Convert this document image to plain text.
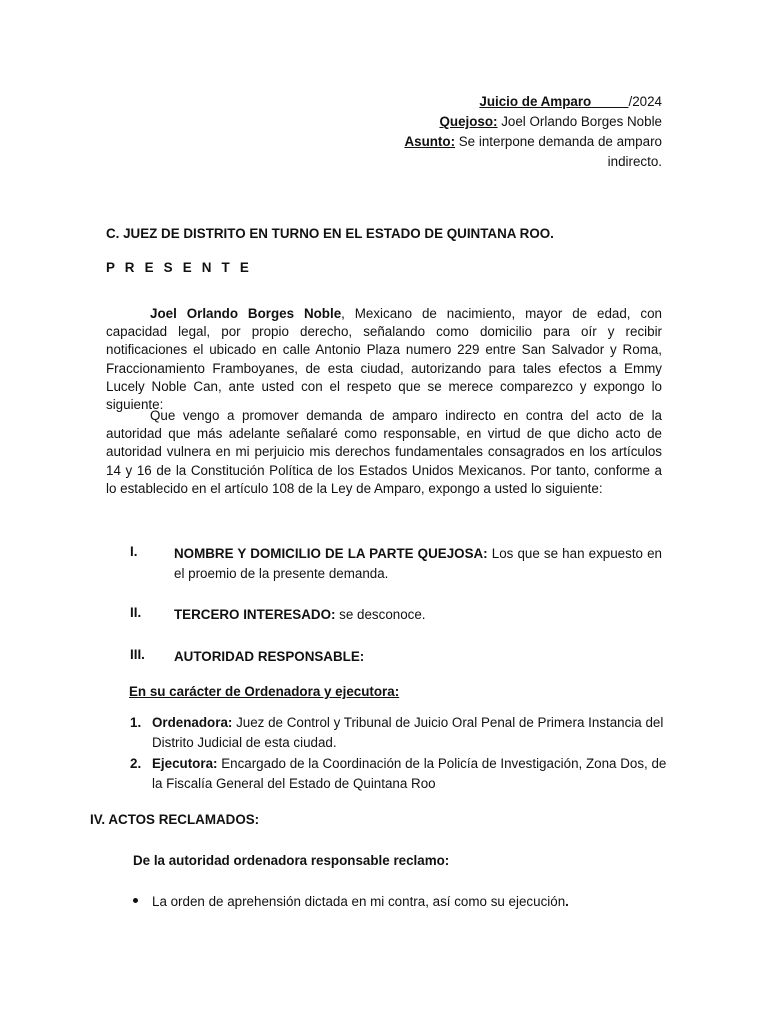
Juicio de Amparo_____/2024
Quejoso: Joel Orlando Borges Noble
Asunto: Se interpone demanda de amparo
indirecto.
C. JUEZ DE DISTRITO EN TURNO EN EL ESTADO DE QUINTANA ROO.
P R E S E N T E
Joel Orlando Borges Noble, Mexicano de nacimiento, mayor de edad, con capacidad legal, por propio derecho, señalando como domicilio para oír y recibir notificaciones el ubicado en calle Antonio Plaza numero 229 entre San Salvador y Roma, Fraccionamiento Framboyanes, de esta ciudad, autorizando para tales efectos a Emmy Lucely Noble Can, ante usted con el respeto que se merece comparezco y expongo lo siguiente:
Que vengo a promover demanda de amparo indirecto en contra del acto de la autoridad que más adelante señalaré como responsable, en virtud de que dicho acto de autoridad vulnera en mi perjuicio mis derechos fundamentales consagrados en los artículos 14 y 16 de la Constitución Política de los Estados Unidos Mexicanos. Por tanto, conforme a lo establecido en el artículo 108 de la Ley de Amparo, expongo a usted lo siguiente:
I.	NOMBRE Y DOMICILIO DE LA PARTE QUEJOSA: Los que se han expuesto en el proemio de la presente demanda.
II. TERCERO INTERESADO: se desconoce.
III. AUTORIDAD RESPONSABLE:
En su carácter de Ordenadora y ejecutora:
1. Ordenadora: Juez de Control y Tribunal de Juicio Oral Penal de Primera Instancia del Distrito Judicial de esta ciudad.
2. Ejecutora: Encargado de la Coordinación de la Policía de Investigación, Zona Dos, de la Fiscalía General del Estado de Quintana Roo
IV. ACTOS RECLAMADOS:
De la autoridad ordenadora responsable reclamo:
La orden de aprehensión dictada en mi contra, así como su ejecución.
